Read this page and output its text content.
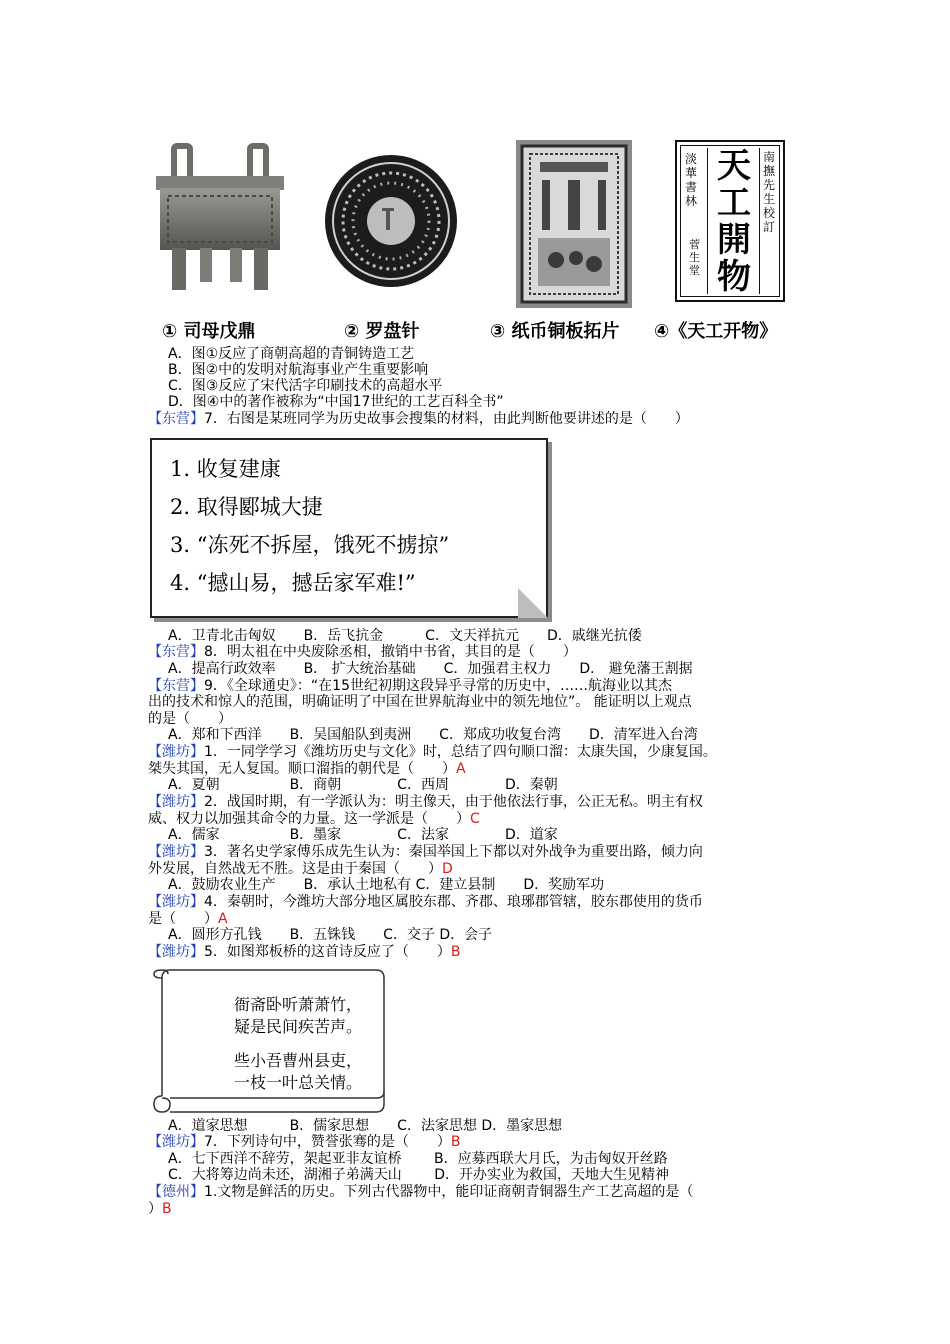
淡華書林
天
工
開
物
南撫先生校訂
菅生堂
① 司母戊鼎	② 罗盘针	③ 纸币铜板拓片 ④《天工开物》
A．图①反应了商朝高超的青铜铸造工艺
B．图②中的发明对航海事业产生重要影响
C．图③反应了宋代活字印刷技术的高超水平
D．图④中的著作被称为“中国17世纪的工艺百科全书”
【东营】7．右图是某班同学为历史故事会搜集的材料，由此判断他要讲述的是（　　）
1. 收复建康
2. 取得郾城大捷
3. “冻死不拆屋，饿死不掳掠”
4. “撼山易，撼岳家军难!”
A．卫青北击匈奴　　B．岳飞抗金　　　C．文天祥抗元　　D．戚继光抗倭
【东营】8．明太祖在中央废除丞相，撤销中书省，其目的是（　　）
A．提高行政效率　　B． 扩大统治基础　　C．加强君主权力　　D． 避免藩王割据
【东营】9．《全球通史》：“在15世纪初期这段异乎寻常的历史中，……航海业以其杰
出的技术和惊人的范围，明确证明了中国在世界航海业中的领先地位”。 能证明以上观点
的是（　　）
A．郑和下西洋　　B．吴国船队到夷洲　　C．郑成功收复台湾　　D．清军进入台湾
【潍坊】1．一同学学习《潍坊历史与文化》时，总结了四句顺口溜：太康失国，少康复国。
桀失其国，无人复国。顺口溜指的朝代是（　　）A
A．夏朝　　　　　B．商朝　　　　C．西周　　　　D．秦朝
【潍坊】2．战国时期，有一学派认为：明主像天，由于他依法行事，公正无私。明主有权
威、权力以加强其命令的力量。这一学派是（　　）C
A．儒家　　　　　B．墨家　　　　C．法家　　　　D．道家
【潍坊】3．著名史学家傅乐成先生认为：秦国举国上下都以对外战争为重要出路，倾力向
外发展，自然战无不胜。这是由于秦国（　　）D
A．鼓励农业生产　　B．承认土地私有 C．建立县制　　D．奖励军功
【潍坊】4．秦朝时，今潍坊大部分地区属胶东郡、齐郡、琅琊郡管辖，胶东郡使用的货币
是（　　）A
A．圆形方孔钱　　B．五铢钱　　C．交子 D．会子
【潍坊】5．如图郑板桥的这首诗反应了（　　）B
衙斋卧听萧萧竹，
疑是民间疾苦声。
些小吾曹州县吏，
一枝一叶总关情。
A．道家思想　　　B．儒家思想　　C．法家思想 D．墨家思想
【潍坊】7．下列诗句中，赞誉张骞的是（　　）B
A．七下西洋不辞劳，架起亚非友谊桥　　 B．应募西联大月氏，为击匈奴开丝路
C．大将筹边尚未还，湖湘子弟满天山　　 D．开办实业为救国，天地大生见精神
【德州】1.文物是鲜活的历史。下列古代器物中，能印证商朝青铜器生产工艺高超的是（
）B
